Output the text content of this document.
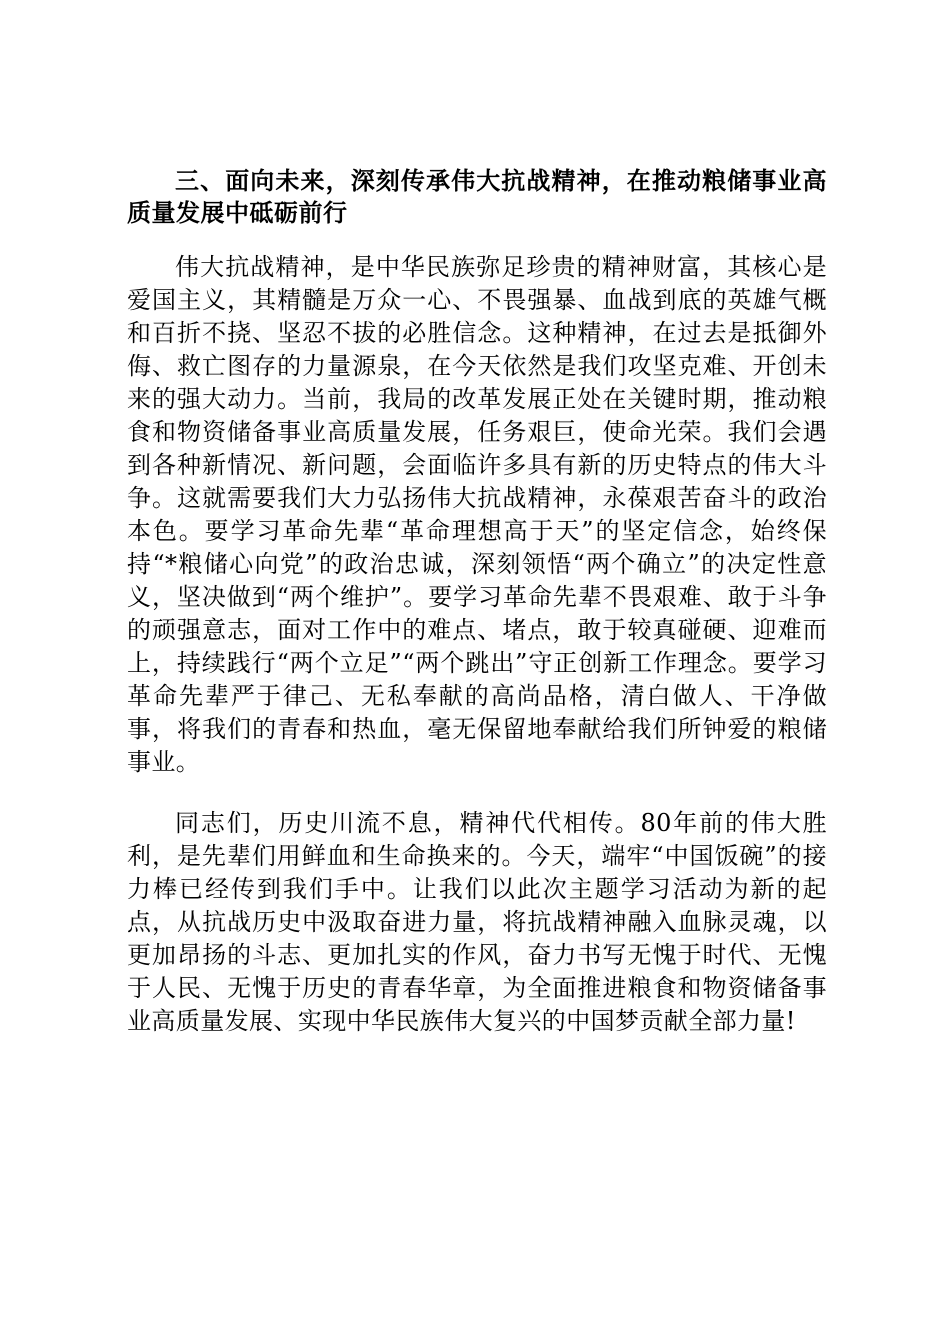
三、面向未来，深刻传承伟大抗战精神，在推动粮储事业高质量发展中砥砺前行

伟大抗战精神，是中华民族弥足珍贵的精神财富，其核心是爱国主义，其精髓是万众一心、不畏强暴、血战到底的英雄气概和百折不挠、坚忍不拔的必胜信念。这种精神，在过去是抵御外侮、救亡图存的力量源泉，在今天依然是我们攻坚克难、开创未来的强大动力。当前，我局的改革发展正处在关键时期，推动粮食和物资储备事业高质量发展，任务艰巨，使命光荣。我们会遇到各种新情况、新问题，会面临许多具有新的历史特点的伟大斗争。这就需要我们大力弘扬伟大抗战精神，永葆艰苦奋斗的政治本色。要学习革命先辈“革命理想高于天”的坚定信念，始终保持“*粮储心向党”的政治忠诚，深刻领悟“两个确立”的决定性意义，坚决做到“两个维护”。要学习革命先辈不畏艰难、敢于斗争的顽强意志，面对工作中的难点、堵点，敢于较真碰硬、迎难而上，持续践行“两个立足”“两个跳出”守正创新工作理念。要学习革命先辈严于律己、无私奉献的高尚品格，清白做人、干净做事，将我们的青春和热血，毫无保留地奉献给我们所钟爱的粮储事业。

同志们，历史川流不息，精神代代相传。80年前的伟大胜利，是先辈们用鲜血和生命换来的。今天，端牢“中国饭碗”的接力棒已经传到我们手中。让我们以此次主题学习活动为新的起点，从抗战历史中汲取奋进力量，将抗战精神融入血脉灵魂，以更加昂扬的斗志、更加扎实的作风，奋力书写无愧于时代、无愧于人民、无愧于历史的青春华章，为全面推进粮食和物资储备事业高质量发展、实现中华民族伟大复兴的中国梦贡献全部力量!
